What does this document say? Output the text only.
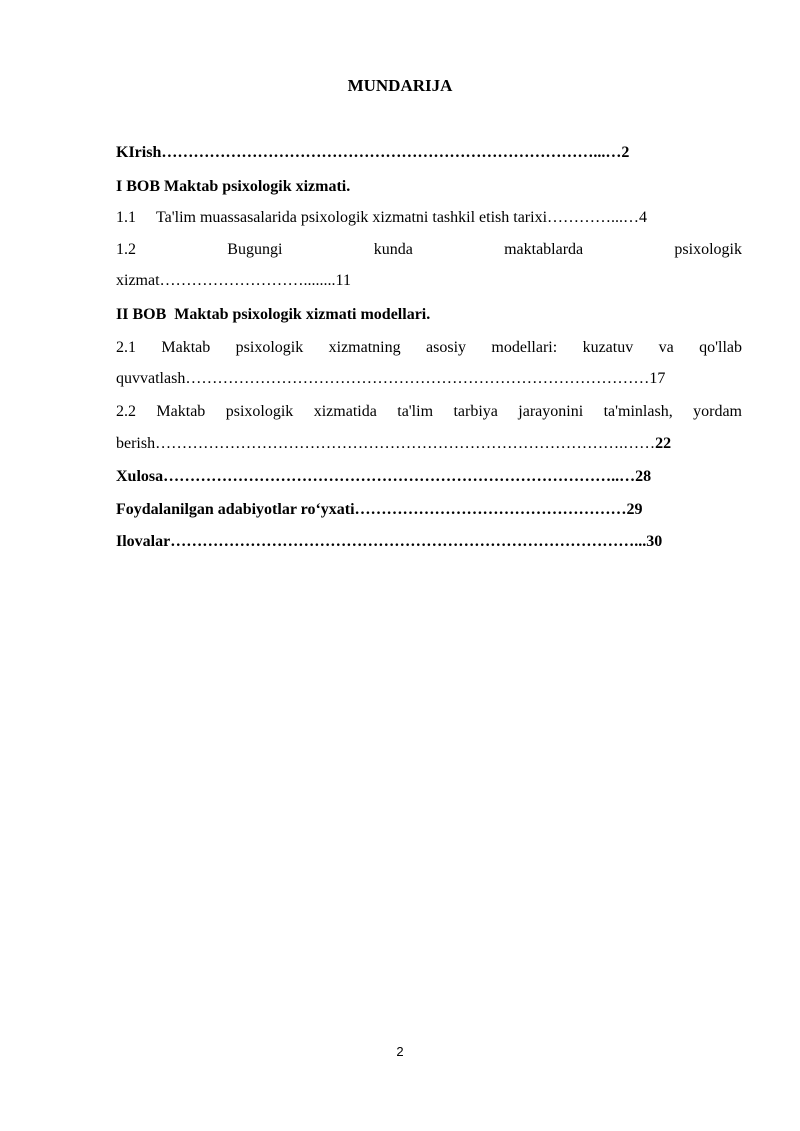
MUNDARIJA
KIrish………………………………………………………………………...…2
I BOB Maktab psixologik xizmati.
1.1     Ta'lim muassasalarida psixologik xizmatni tashkil etish tarixi…………...…4
1.2 Bugungi kunda maktablarda psixologik
xizmat………………………........11
II BOB  Maktab psixologik xizmati modellari.
2.1 Maktab psixologik xizmatning asosiy modellari: kuzatuv va qo'llab
quvvatlash……………………………………………………………………………17
2.2 Maktab psixologik xizmatida ta'lim tarbiya jarayonini ta'minlash, yordam
berish…………………………………………………………………………….……22
Xulosa…………………………………………………………………………..…28
Foydalanilgan adabiyotlar ro‘yxati……………………………………………29
Ilovalar……………………………………………………………………………...30
2
